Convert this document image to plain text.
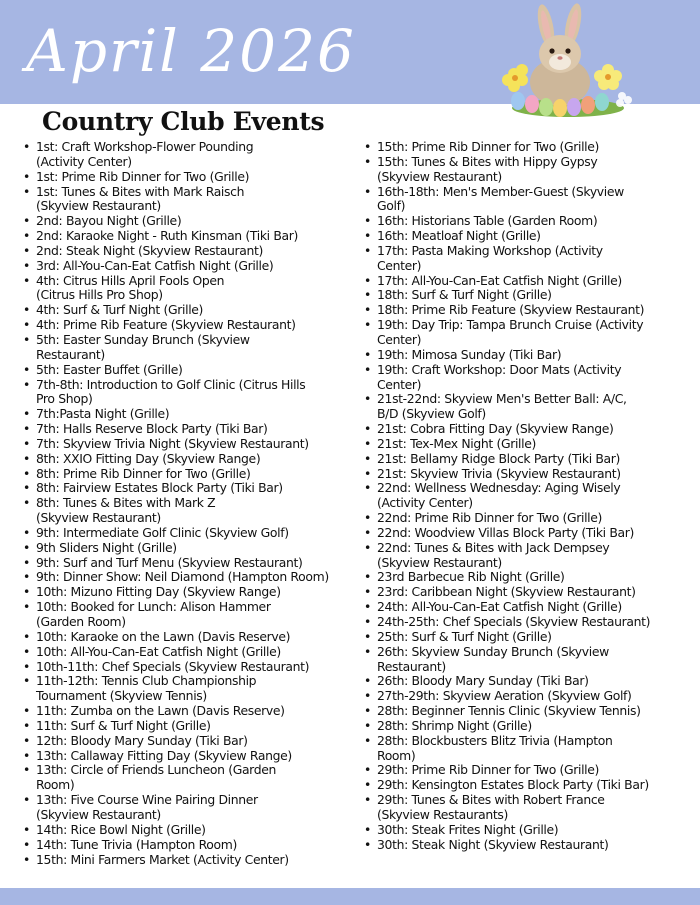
April 2026
Country Club Events
• 1st: Craft Workshop-Flower Pounding
(Activity Center)
• 1st: Prime Rib Dinner for Two (Grille)
• 1st: Tunes & Bites with Mark Raisch
(Skyview Restaurant)
• 2nd: Bayou Night (Grille)
• 2nd: Karaoke Night - Ruth Kinsman (Tiki Bar)
• 2nd: Steak Night (Skyview Restaurant)
• 3rd: All-You-Can-Eat Catfish Night (Grille)
• 4th: Citrus Hills April Fools Open
(Citrus Hills Pro Shop)
• 4th: Surf & Turf Night (Grille)
• 4th: Prime Rib Feature (Skyview Restaurant)
• 5th: Easter Sunday Brunch (Skyview
Restaurant)
• 5th: Easter Buffet (Grille)
• 7th-8th: Introduction to Golf Clinic (Citrus Hills
Pro Shop)
• 7th:Pasta Night (Grille)
• 7th: Halls Reserve Block Party (Tiki Bar)
• 7th: Skyview Trivia Night (Skyview Restaurant)
• 8th: XXIO Fitting Day (Skyview Range)
• 8th: Prime Rib Dinner for Two (Grille)
• 8th: Fairview Estates Block Party (Tiki Bar)
• 8th: Tunes & Bites with Mark Z
(Skyview Restaurant)
• 9th: Intermediate Golf Clinic (Skyview Golf)
• 9th Sliders Night (Grille)
• 9th: Surf and Turf Menu (Skyview Restaurant)
• 9th: Dinner Show: Neil Diamond (Hampton Room)
• 10th: Mizuno Fitting Day (Skyview Range)
• 10th: Booked for Lunch: Alison Hammer
(Garden Room)
• 10th: Karaoke on the Lawn (Davis Reserve)
• 10th: All-You-Can-Eat Catfish Night (Grille)
• 10th-11th: Chef Specials (Skyview Restaurant)
• 11th-12th: Tennis Club Championship
Tournament (Skyview Tennis)
• 11th: Zumba on the Lawn (Davis Reserve)
• 11th: Surf & Turf Night (Grille)
• 12th: Bloody Mary Sunday (Tiki Bar)
• 13th: Callaway Fitting Day (Skyview Range)
• 13th: Circle of Friends Luncheon (Garden
Room)
• 13th: Five Course Wine Pairing Dinner
(Skyview Restaurant)
• 14th: Rice Bowl Night (Grille)
• 14th: Tune Trivia (Hampton Room)
• 15th: Mini Farmers Market (Activity Center)
• 15th: Prime Rib Dinner for Two (Grille)
• 15th: Tunes & Bites with Hippy Gypsy
(Skyview Restaurant)
• 16th-18th: Men's Member-Guest (Skyview
Golf)
• 16th: Historians Table (Garden Room)
• 16th: Meatloaf Night (Grille)
• 17th: Pasta Making Workshop (Activity
Center)
• 17th: All-You-Can-Eat Catfish Night (Grille)
• 18th: Surf & Turf Night (Grille)
• 18th: Prime Rib Feature (Skyview Restaurant)
• 19th: Day Trip: Tampa Brunch Cruise (Activity
Center)
• 19th: Mimosa Sunday (Tiki Bar)
• 19th: Craft Workshop: Door Mats (Activity
Center)
• 21st-22nd: Skyview Men's Better Ball: A/C,
B/D (Skyview Golf)
• 21st: Cobra Fitting Day (Skyview Range)
• 21st: Tex-Mex Night (Grille)
• 21st: Bellamy Ridge Block Party (Tiki Bar)
• 21st: Skyview Trivia (Skyview Restaurant)
• 22nd: Wellness Wednesday: Aging Wisely
(Activity Center)
• 22nd: Prime Rib Dinner for Two (Grille)
• 22nd: Woodview Villas Block Party (Tiki Bar)
• 22nd: Tunes & Bites with Jack Dempsey
(Skyview Restaurant)
• 23rd Barbecue Rib Night (Grille)
• 23rd: Caribbean Night (Skyview Restaurant)
• 24th: All-You-Can-Eat Catfish Night (Grille)
• 24th-25th: Chef Specials (Skyview Restaurant)
• 25th: Surf & Turf Night (Grille)
• 26th: Skyview Sunday Brunch (Skyview
Restaurant)
• 26th: Bloody Mary Sunday (Tiki Bar)
• 27th-29th: Skyview Aeration (Skyview Golf)
• 28th: Beginner Tennis Clinic (Skyview Tennis)
• 28th: Shrimp Night (Grille)
• 28th: Blockbusters Blitz Trivia (Hampton
Room)
• 29th: Prime Rib Dinner for Two (Grille)
• 29th: Kensington Estates Block Party (Tiki Bar)
• 29th: Tunes & Bites with Robert France
(Skyview Restaurants)
• 30th: Steak Frites Night (Grille)
• 30th: Steak Night (Skyview Restaurant)
